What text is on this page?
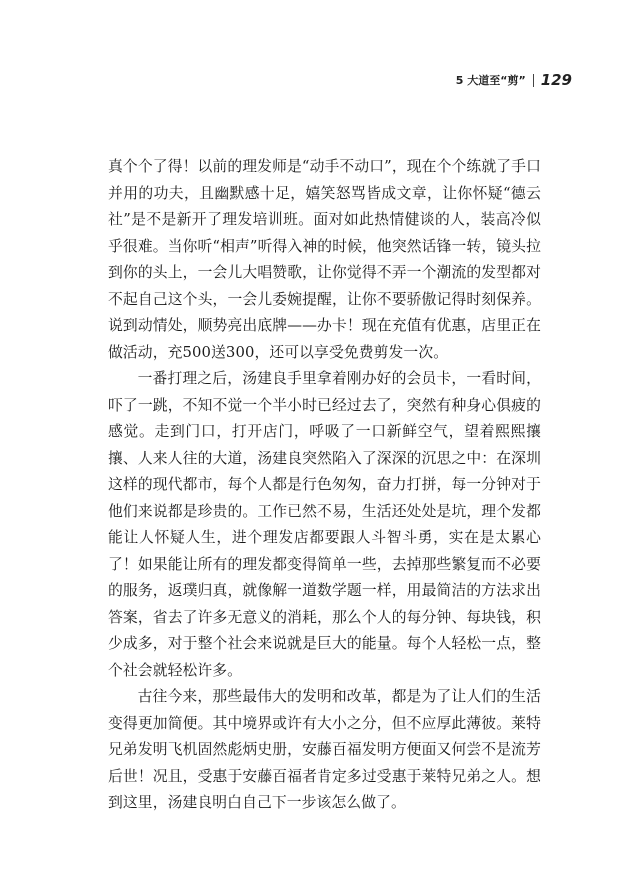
5 大道至“剪” 129

真个个了得！以前的理发师是“动手不动口”，现在个个练就了手口并用的功夫，且幽默感十足，嬉笑怒骂皆成文章，让你怀疑“德云社”是不是新开了理发培训班。面对如此热情健谈的人，装高冷似乎很难。当你听“相声”听得入神的时候，他突然话锋一转，镜头拉到你的头上，一会儿大唱赞歌，让你觉得不弄一个潮流的发型都对不起自己这个头，一会儿委婉提醒，让你不要骄傲记得时刻保养。说到动情处，顺势亮出底牌——办卡！现在充值有优惠，店里正在做活动，充500送300，还可以享受免费剪发一次。

一番打理之后，汤建良手里拿着刚办好的会员卡，一看时间，吓了一跳，不知不觉一个半小时已经过去了，突然有种身心俱疲的感觉。走到门口，打开店门，呼吸了一口新鲜空气，望着熙熙攘攘、人来人往的大道，汤建良突然陷入了深深的沉思之中：在深圳这样的现代都市，每个人都是行色匆匆，奋力打拼，每一分钟对于他们来说都是珍贵的。工作已然不易，生活还处处是坑，理个发都能让人怀疑人生，进个理发店都要跟人斗智斗勇，实在是太累心了！如果能让所有的理发都变得简单一些，去掉那些繁复而不必要的服务，返璞归真，就像解一道数学题一样，用最简洁的方法求出答案，省去了许多无意义的消耗，那么个人的每分钟、每块钱，积少成多，对于整个社会来说就是巨大的能量。每个人轻松一点，整个社会就轻松许多。

古往今来，那些最伟大的发明和改革，都是为了让人们的生活变得更加简便。其中境界或许有大小之分，但不应厚此薄彼。莱特兄弟发明飞机固然彪炳史册，安藤百福发明方便面又何尝不是流芳后世！况且，受惠于安藤百福者肯定多过受惠于莱特兄弟之人。想到这里，汤建良明白自己下一步该怎么做了。
